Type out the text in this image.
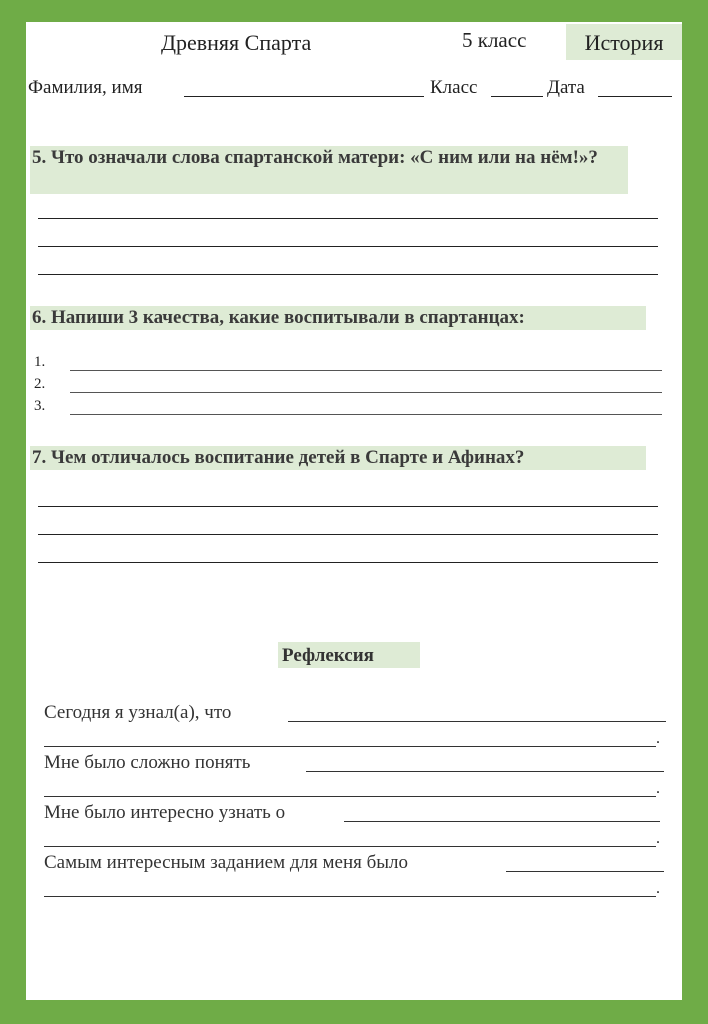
Древняя Спарта	5 класс	История
Фамилия, имя	Класс	Дата
5. Что означали слова спартанской матери: «С ним или на нём!»?
6. Напиши 3 качества, какие воспитывали в спартанцах:
1.
2.
3.
7. Чем отличалось воспитание детей в Спарте и Афинах?
Рефлексия
Сегодня я узнал(а), что
.
Мне было сложно понять
.
Мне было интересно узнать о
.
Самым интересным заданием для меня было
.
